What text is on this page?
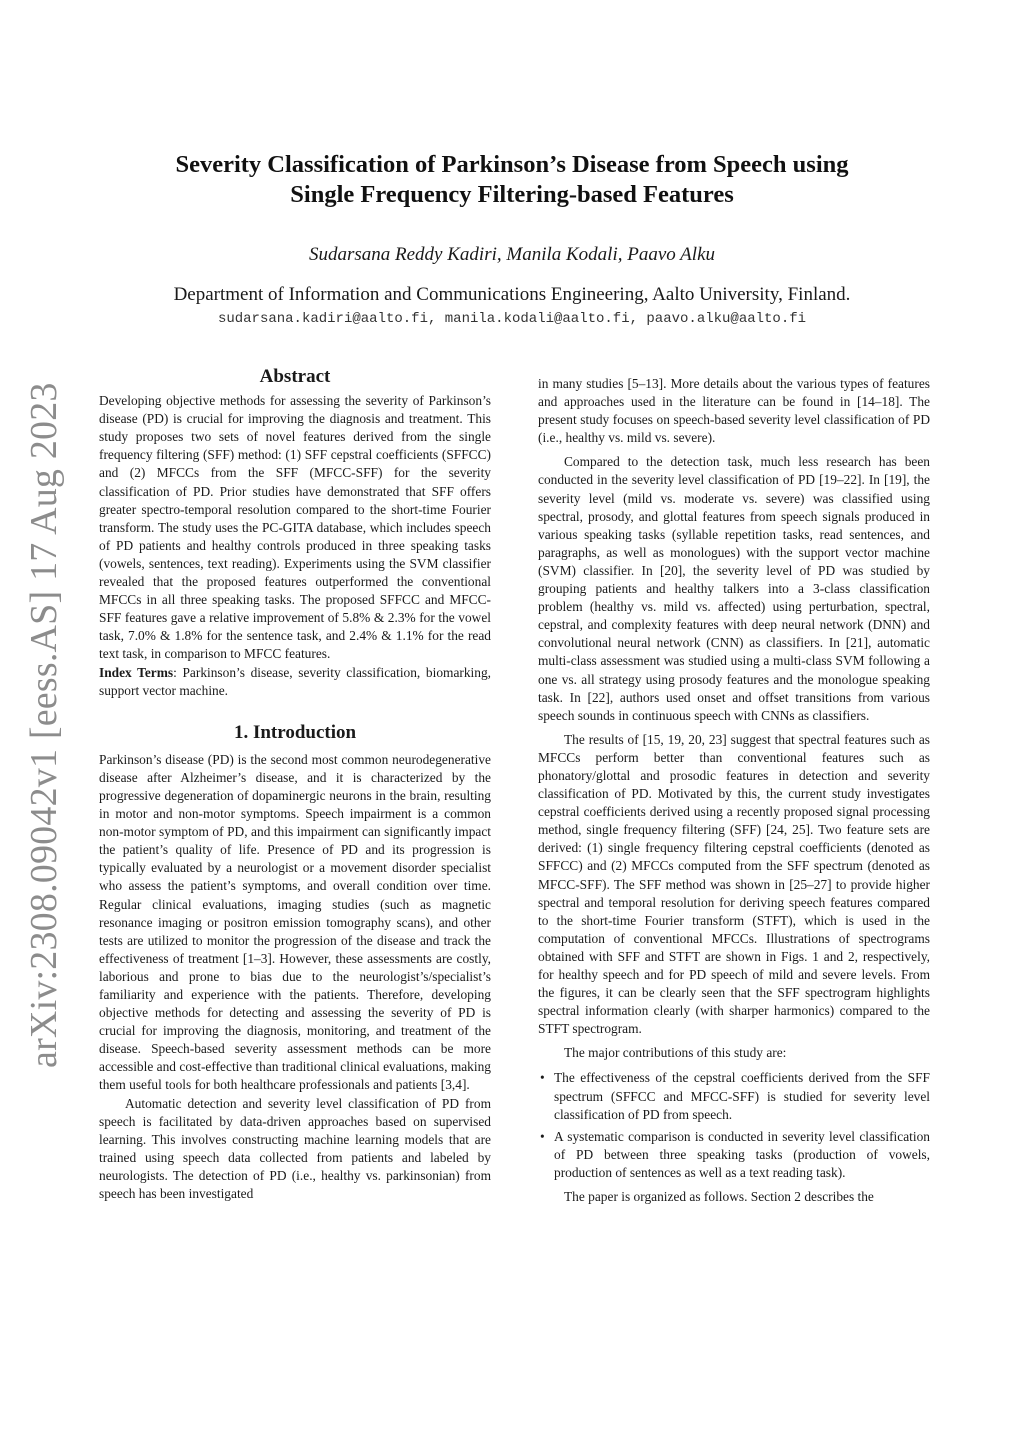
arXiv:2308.09042v1 [eess.AS] 17 Aug 2023
Severity Classification of Parkinson’s Disease from Speech using
Single Frequency Filtering-based Features
Sudarsana Reddy Kadiri, Manila Kodali, Paavo Alku
Department of Information and Communications Engineering, Aalto University, Finland.
sudarsana.kadiri@aalto.fi, manila.kodali@aalto.fi, paavo.alku@aalto.fi
Abstract

Developing objective methods for assessing the severity of Parkinson’s disease (PD) is crucial for improving the diagnosis and treatment. This study proposes two sets of novel features derived from the single frequency filtering (SFF) method: (1) SFF cepstral coefficients (SFFCC) and (2) MFCCs from the SFF (MFCC-SFF) for the severity classification of PD. Prior studies have demonstrated that SFF offers greater spectro-temporal resolution compared to the short-time Fourier transform. The study uses the PC-GITA database, which includes speech of PD patients and healthy controls produced in three speaking tasks (vowels, sentences, text reading). Experiments using the SVM classifier revealed that the proposed features outperformed the conventional MFCCs in all three speaking tasks. The proposed SFFCC and MFCC-SFF features gave a relative improvement of 5.8% & 2.3% for the vowel task, 7.0% & 1.8% for the sentence task, and 2.4% & 1.1% for the read text task, in comparison to MFCC features.

Index Terms: Parkinson’s disease, severity classification, biomarking, support vector machine.

1. Introduction

Parkinson’s disease (PD) is the second most common neurodegenerative disease after Alzheimer’s disease, and it is characterized by the progressive degeneration of dopaminergic neurons in the brain, resulting in motor and non-motor symptoms. Speech impairment is a common non-motor symptom of PD, and this impairment can significantly impact the patient’s quality of life. Presence of PD and its progression is typically evaluated by a neurologist or a movement disorder specialist who assess the patient’s symptoms, and overall condition over time. Regular clinical evaluations, imaging studies (such as magnetic resonance imaging or positron emission tomography scans), and other tests are utilized to monitor the progression of the disease and track the effectiveness of treatment [1–3]. However, these assessments are costly, laborious and prone to bias due to the neurologist’s/specialist’s familiarity and experience with the patients. Therefore, developing objective methods for detecting and assessing the severity of PD is crucial for improving the diagnosis, monitoring, and treatment of the disease. Speech-based severity assessment methods can be more accessible and cost-effective than traditional clinical evaluations, making them useful tools for both healthcare professionals and patients [3,4].

Automatic detection and severity level classification of PD from speech is facilitated by data-driven approaches based on supervised learning. This involves constructing machine learning models that are trained using speech data collected from patients and labeled by neurologists. The detection of PD (i.e., healthy vs. parkinsonian) from speech has been investigated

in many studies [5–13]. More details about the various types of features and approaches used in the literature can be found in [14–18]. The present study focuses on speech-based severity level classification of PD (i.e., healthy vs. mild vs. severe).

Compared to the detection task, much less research has been conducted in the severity level classification of PD [19–22]. In [19], the severity level (mild vs. moderate vs. severe) was classified using spectral, prosody, and glottal features from speech signals produced in various speaking tasks (syllable repetition tasks, read sentences, and paragraphs, as well as monologues) with the support vector machine (SVM) classifier. In [20], the severity level of PD was studied by grouping patients and healthy talkers into a 3-class classification problem (healthy vs. mild vs. affected) using perturbation, spectral, cepstral, and complexity features with deep neural network (DNN) and convolutional neural network (CNN) as classifiers. In [21], automatic multi-class assessment was studied using a multi-class SVM following a one vs. all strategy using prosody features and the monologue speaking task. In [22], authors used onset and offset transitions from various speech sounds in continuous speech with CNNs as classifiers.

The results of [15, 19, 20, 23] suggest that spectral features such as MFCCs perform better than conventional features such as phonatory/glottal and prosodic features in detection and severity classification of PD. Motivated by this, the current study investigates cepstral coefficients derived using a recently proposed signal processing method, single frequency filtering (SFF) [24, 25]. Two feature sets are derived: (1) single frequency filtering cepstral coefficients (denoted as SFFCC) and (2) MFCCs computed from the SFF spectrum (denoted as MFCC-SFF). The SFF method was shown in [25–27] to provide higher spectral and temporal resolution for deriving speech features compared to the short-time Fourier transform (STFT), which is used in the computation of conventional MFCCs. Illustrations of spectrograms obtained with SFF and STFT are shown in Figs. 1 and 2, respectively, for healthy speech and for PD speech of mild and severe levels. From the figures, it can be clearly seen that the SFF spectrogram highlights spectral information clearly (with sharper harmonics) compared to the STFT spectrogram.

The major contributions of this study are:

• The effectiveness of the cepstral coefficients derived from the SFF spectrum (SFFCC and MFCC-SFF) is studied for severity level classification of PD from speech.
• A systematic comparison is conducted in severity level classification of PD between three speaking tasks (production of vowels, production of sentences as well as a text reading task).

The paper is organized as follows. Section 2 describes the
